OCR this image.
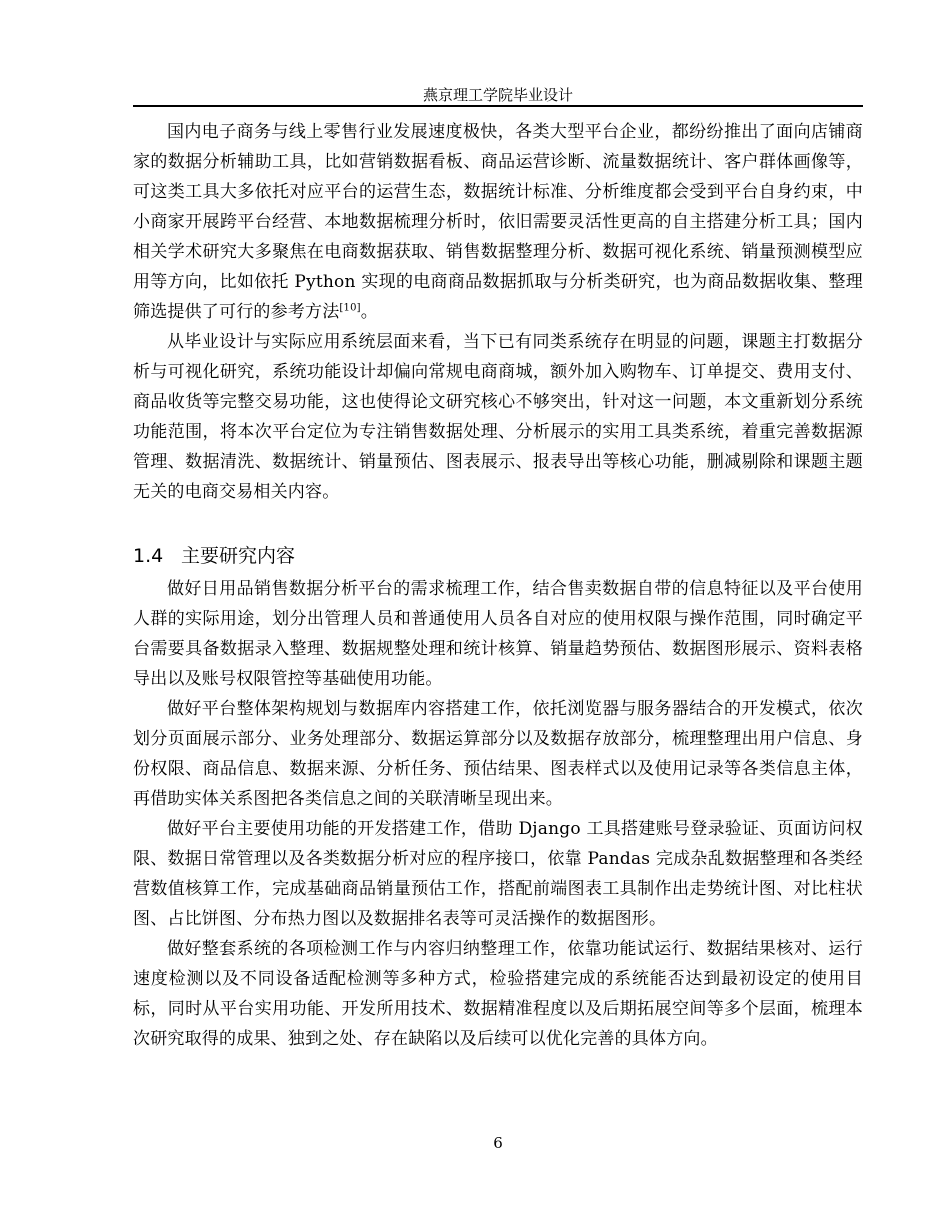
燕京理工学院毕业设计

国内电子商务与线上零售行业发展速度极快，各类大型平台企业，都纷纷推出了面向店铺商家的数据分析辅助工具，比如营销数据看板、商品运营诊断、流量数据统计、客户群体画像等，可这类工具大多依托对应平台的运营生态，数据统计标准、分析维度都会受到平台自身约束，中小商家开展跨平台经营、本地数据梳理分析时，依旧需要灵活性更高的自主搭建分析工具；国内相关学术研究大多聚焦在电商数据获取、销售数据整理分析、数据可视化系统、销量预测模型应用等方向，比如依托 Python 实现的电商商品数据抓取与分析类研究，也为商品数据收集、整理筛选提供了可行的参考方法[10]。

从毕业设计与实际应用系统层面来看，当下已有同类系统存在明显的问题，课题主打数据分析与可视化研究，系统功能设计却偏向常规电商商城，额外加入购物车、订单提交、费用支付、商品收货等完整交易功能，这也使得论文研究核心不够突出，针对这一问题，本文重新划分系统功能范围，将本次平台定位为专注销售数据处理、分析展示的实用工具类系统，着重完善数据源管理、数据清洗、数据统计、销量预估、图表展示、报表导出等核心功能，删减剔除和课题主题无关的电商交易相关内容。

1.4 主要研究内容

做好日用品销售数据分析平台的需求梳理工作，结合售卖数据自带的信息特征以及平台使用人群的实际用途，划分出管理人员和普通使用人员各自对应的使用权限与操作范围，同时确定平台需要具备数据录入整理、数据规整处理和统计核算、销量趋势预估、数据图形展示、资料表格导出以及账号权限管控等基础使用功能。

做好平台整体架构规划与数据库内容搭建工作，依托浏览器与服务器结合的开发模式，依次划分页面展示部分、业务处理部分、数据运算部分以及数据存放部分，梳理整理出用户信息、身份权限、商品信息、数据来源、分析任务、预估结果、图表样式以及使用记录等各类信息主体，再借助实体关系图把各类信息之间的关联清晰呈现出来。

做好平台主要使用功能的开发搭建工作，借助 Django 工具搭建账号登录验证、页面访问权限、数据日常管理以及各类数据分析对应的程序接口，依靠 Pandas 完成杂乱数据整理和各类经营数值核算工作，完成基础商品销量预估工作，搭配前端图表工具制作出走势统计图、对比柱状图、占比饼图、分布热力图以及数据排名表等可灵活操作的数据图形。

做好整套系统的各项检测工作与内容归纳整理工作，依靠功能试运行、数据结果核对、运行速度检测以及不同设备适配检测等多种方式，检验搭建完成的系统能否达到最初设定的使用目标，同时从平台实用功能、开发所用技术、数据精准程度以及后期拓展空间等多个层面，梳理本次研究取得的成果、独到之处、存在缺陷以及后续可以优化完善的具体方向。

6
